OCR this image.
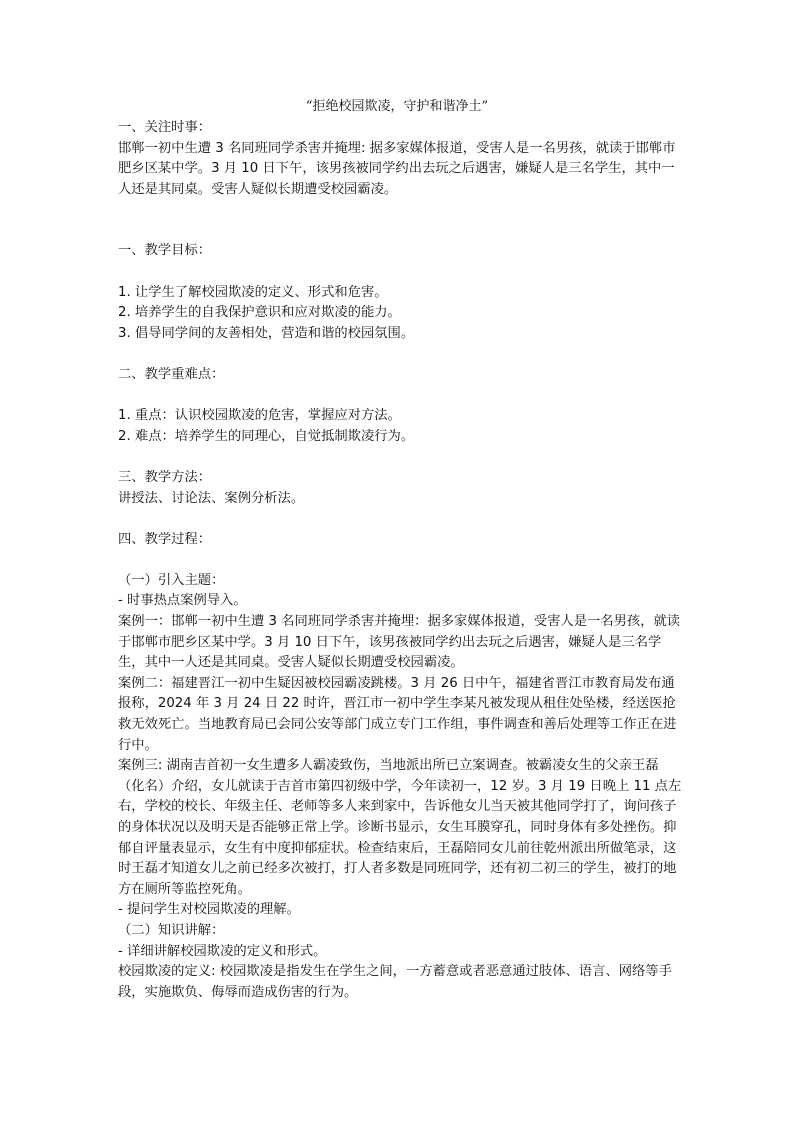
“拒绝校园欺凌，守护和谐净土”

一、关注时事：

邯郸一初中生遭 3 名同班同学杀害并掩埋: 据多家媒体报道，受害人是一名男孩，就读于邯郸市肥乡区某中学。3 月 10 日下午，该男孩被同学约出去玩之后遇害，嫌疑人是三名学生，其中一人还是其同桌。受害人疑似长期遭受校园霸凌。

一、教学目标：

1. 让学生了解校园欺凌的定义、形式和危害。

2. 培养学生的自我保护意识和应对欺凌的能力。

3. 倡导同学间的友善相处，营造和谐的校园氛围。

二、教学重难点：

1. 重点：认识校园欺凌的危害，掌握应对方法。

2. 难点：培养学生的同理心，自觉抵制欺凌行为。

三、教学方法：

讲授法、讨论法、案例分析法。

四、教学过程：

（一）引入主题：

- 时事热点案例导入。

案例一：邯郸一初中生遭 3 名同班同学杀害并掩埋：据多家媒体报道，受害人是一名男孩，就读于邯郸市肥乡区某中学。3 月 10 日下午，该男孩被同学约出去玩之后遇害，嫌疑人是三名学生，其中一人还是其同桌。受害人疑似长期遭受校园霸凌。

案例二：福建晋江一初中生疑因被校园霸凌跳楼。3 月 26 日中午，福建省晋江市教育局发布通报称，2024 年 3 月 24 日 22 时许，晋江市一初中学生李某凡被发现从租住处坠楼，经送医抢救无效死亡。当地教育局已会同公安等部门成立专门工作组，事件调查和善后处理等工作正在进行中。

案例三: 湖南吉首初一女生遭多人霸凌致伤，当地派出所已立案调查。被霸凌女生的父亲王磊（化名）介绍，女儿就读于吉首市第四初级中学，今年读初一，12 岁。3 月 19 日晚上 11 点左右，学校的校长、年级主任、老师等多人来到家中，告诉他女儿当天被其他同学打了，询问孩子的身体状况以及明天是否能够正常上学。诊断书显示，女生耳膜穿孔，同时身体有多处挫伤。抑郁自评量表显示，女生有中度抑郁症状。检查结束后，王磊陪同女儿前往乾州派出所做笔录，这时王磊才知道女儿之前已经多次被打，打人者多数是同班同学，还有初二初三的学生，被打的地方在厕所等监控死角。

- 提问学生对校园欺凌的理解。

（二）知识讲解：

- 详细讲解校园欺凌的定义和形式。

校园欺凌的定义: 校园欺凌是指发生在学生之间，一方蓄意或者恶意通过肢体、语言、网络等手段，实施欺负、侮辱而造成伤害的行为。
